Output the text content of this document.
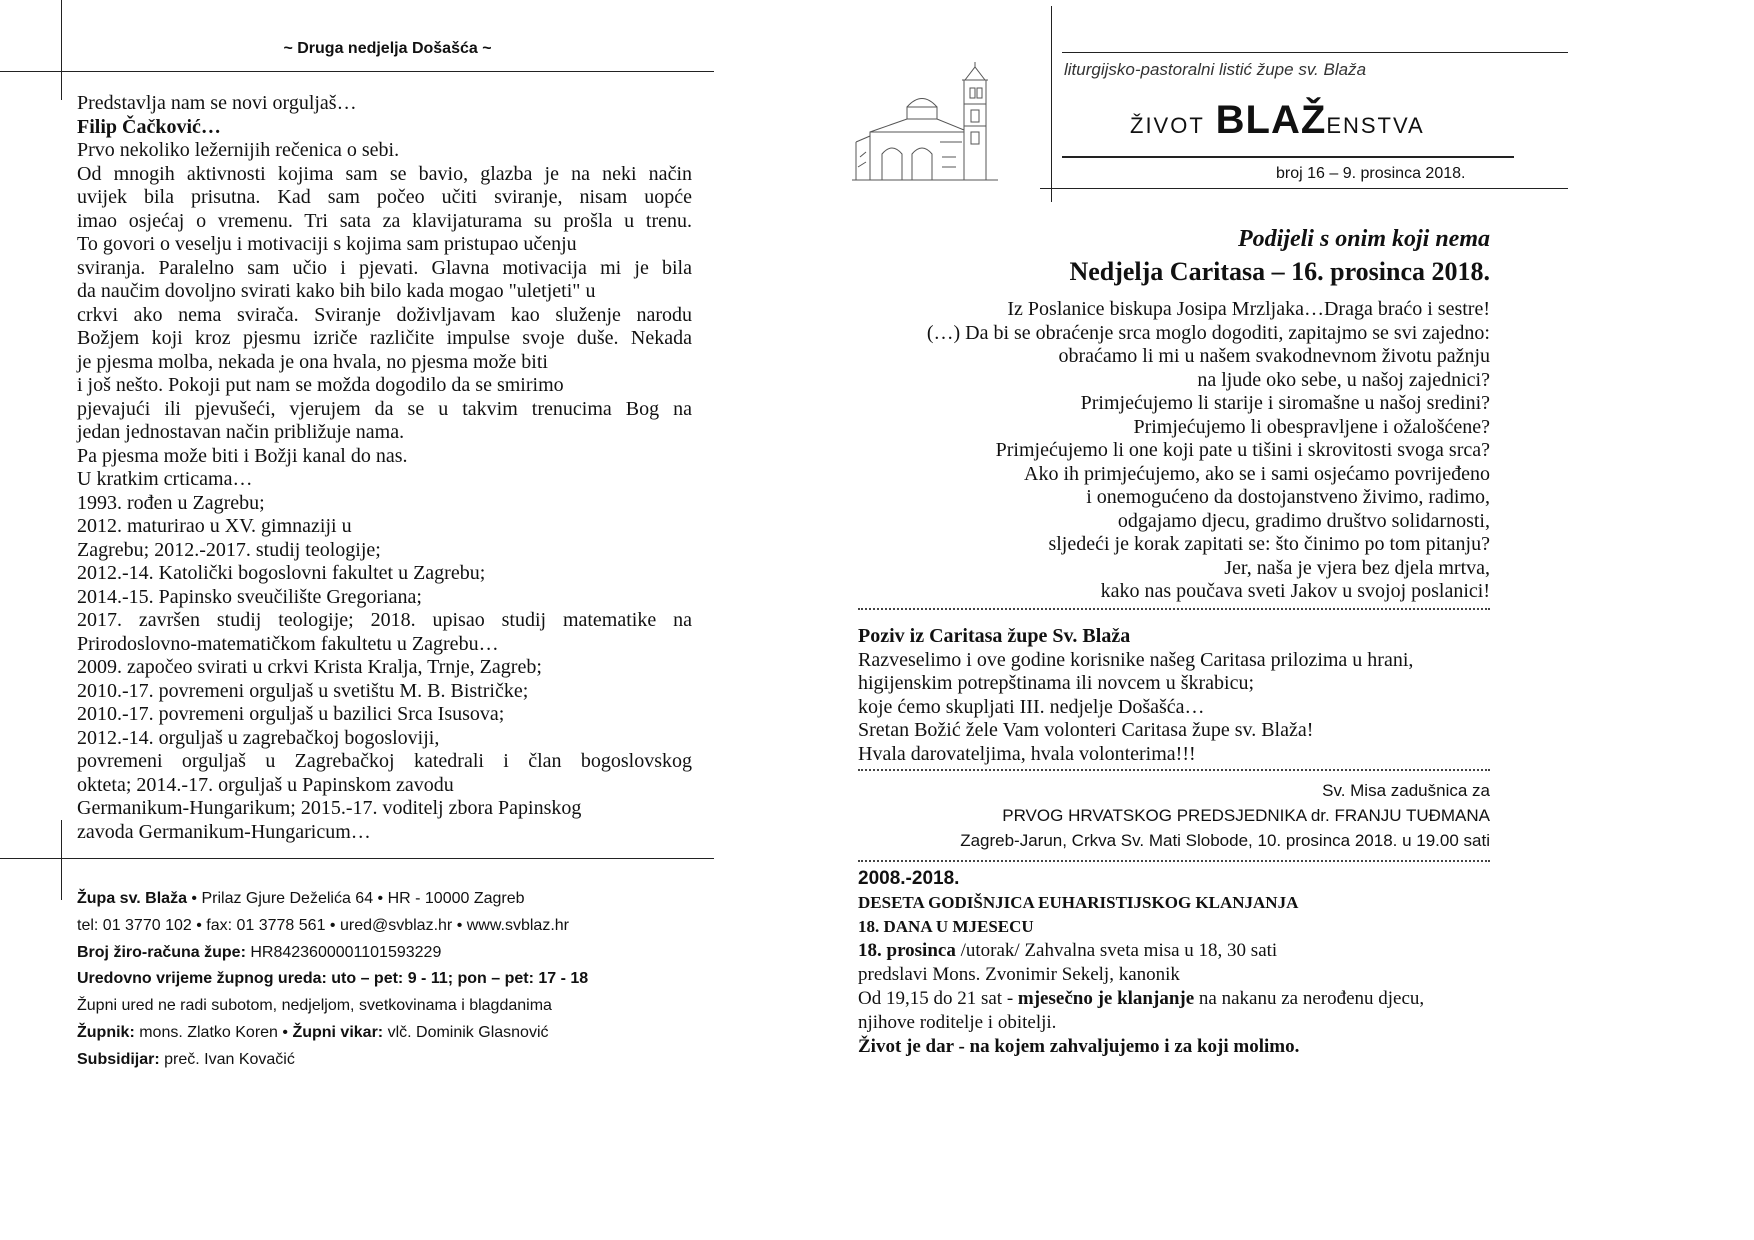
~ Druga nedjelja Došašća ~
Predstavlja nam se novi orguljaš…
Filip Čačković…
Prvo nekoliko ležernijih rečenica o sebi.
Od mnogih aktivnosti kojima sam se bavio, glazba je na neki način
uvijek bila prisutna. Kad sam počeo učiti sviranje, nisam uopće
imao osjećaj o vremenu. Tri sata za klavijaturama su prošla u trenu.
To govori o veselju i motivaciji s kojima sam pristupao učenju
sviranja. Paralelno sam učio i pjevati. Glavna motivacija mi je bila
da naučim dovoljno svirati kako bih bilo kada mogao "uletjeti" u
crkvi ako nema svirača. Sviranje doživljavam kao služenje narodu
Božjem koji kroz pjesmu izriče različite impulse svoje duše. Nekada
je pjesma molba, nekada je ona hvala, no pjesma može biti
i još nešto. Pokoji put nam se možda dogodilo da se smirimo
pjevajući ili pjevušeći, vjerujem da se u takvim trenucima Bog na
jedan jednostavan način približuje nama.
Pa pjesma može biti i Božji kanal do nas.
U kratkim crticama…
1993. rođen u Zagrebu;
2012. maturirao u XV. gimnaziji u
Zagrebu; 2012.-2017. studij teologije;
2012.-14. Katolički bogoslovni fakultet u Zagrebu;
2014.-15. Papinsko sveučilište Gregoriana;
2017. završen studij teologije; 2018. upisao studij matematike na
Prirodoslovno-matematičkom fakultetu u Zagrebu…
2009. započeo svirati u crkvi Krista Kralja, Trnje, Zagreb;
2010.-17. povremeni orguljaš u svetištu M. B. Bistričke;
2010.-17. povremeni orguljaš u bazilici Srca Isusova;
2012.-14. orguljaš u zagrebačkoj bogosloviji,
povremeni orguljaš u Zagrebačkoj katedrali i član bogoslovskog
okteta; 2014.-17. orguljaš u Papinskom zavodu
Germanikum-Hungarikum; 2015.-17. voditelj zbora Papinskog
zavoda Germanikum-Hungaricum…
Župa sv. Blaža • Prilaz Gjure Deželića 64 • HR - 10000 Zagreb
tel: 01 3770 102 • fax: 01 3778 561 • ured@svblaz.hr • www.svblaz.hr
Broj žiro-računa župe: HR8423600001101593229
Uredovno vrijeme župnog ureda: uto – pet: 9 - 11; pon – pet: 17 - 18
Župni ured ne radi subotom, nedjeljom, svetkovinama i blagdanima
Župnik: mons. Zlatko Koren • Župni vikar: vlč. Dominik Glasnović
Subsidijar: preč. Ivan Kovačić
liturgijsko-pastoralni listić župe sv. Blaža
život BLAŽenstva
broj 16 – 9. prosinca 2018.
Podijeli s onim koji nema
Nedjelja Caritasa – 16. prosinca 2018.
Iz Poslanice biskupa Josipa Mrzljaka…Draga braćo i sestre!
(…) Da bi se obraćenje srca moglo dogoditi, zapitajmo se svi zajedno:
obraćamo li mi u našem svakodnevnom životu pažnju
na ljude oko sebe, u našoj zajednici?
Primjećujemo li starije i siromašne u našoj sredini?
Primjećujemo li obespravljene i ožalošćene?
Primjećujemo li one koji pate u tišini i skrovitosti svoga srca?
Ako ih primjećujemo, ako se i sami osjećamo povrijeđeno
i onemogućeno da dostojanstveno živimo, radimo,
odgajamo djecu, gradimo društvo solidarnosti,
sljedeći je korak zapitati se: što činimo po tom pitanju?
Jer, naša je vjera bez djela mrtva,
kako nas poučava sveti Jakov u svojoj poslanici!
Poziv iz Caritasa župe Sv. Blaža
Razveselimo i ove godine korisnike našeg Caritasa prilozima u hrani,
higijenskim potrepštinama ili novcem u škrabicu;
koje ćemo skupljati III. nedjelje Došašća…
Sretan Božić žele Vam volonteri Caritasa župe sv. Blaža!
Hvala darovateljima, hvala volonterima!!!
Sv. Misa zadušnica za
PRVOG HRVATSKOG PREDSJEDNIKA dr. FRANJU TUĐMANA
Zagreb-Jarun, Crkva Sv. Mati Slobode, 10. prosinca 2018. u 19.00 sati
2008.-2018.
DESETA GODIŠNJICA EUHARISTIJSKOG KLANJANJA
18. DANA U MJESECU
18. prosinca /utorak/ Zahvalna sveta misa u 18, 30 sati
predslavi Mons. Zvonimir Sekelj, kanonik
Od 19,15 do 21 sat - mjesečno je klanjanje na nakanu za nerođenu djecu,
njihove roditelje i obitelji.
Život je dar - na kojem zahvaljujemo i za koji molimo.
